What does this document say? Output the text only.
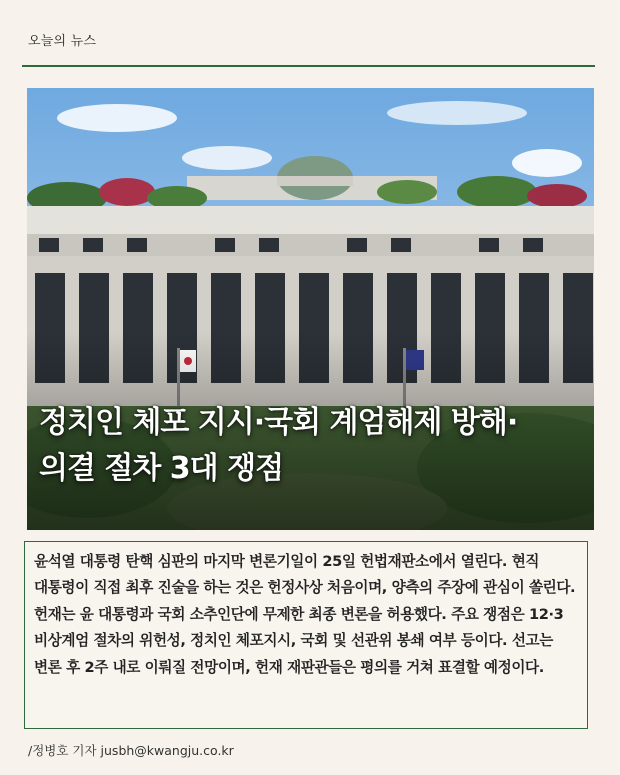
오늘의 뉴스
정치인 체포 지시·국회 계엄해제 방해·
의결 절차 3대 쟁점

윤석열 대통령 탄핵 심판의 마지막 변론기일이 25일 헌법재판소에서 열린다. 현직 대통령이 직접 최후 진술을 하는 것은 헌정사상 처음이며, 양측의 주장에 관심이 쏠린다. 헌재는 윤 대통령과 국회 소추인단에 무제한 최종 변론을 허용했다. 주요 쟁점은 12·3 비상계엄 절차의 위헌성, 정치인 체포지시, 국회 및 선관위 봉쇄 여부 등이다. 선고는 변론 후 2주 내로 이뤄질 전망이며, 헌재 재판관들은 평의를 거쳐 표결할 예정이다.

/정병호 기자 jusbh@kwangju.co.kr
